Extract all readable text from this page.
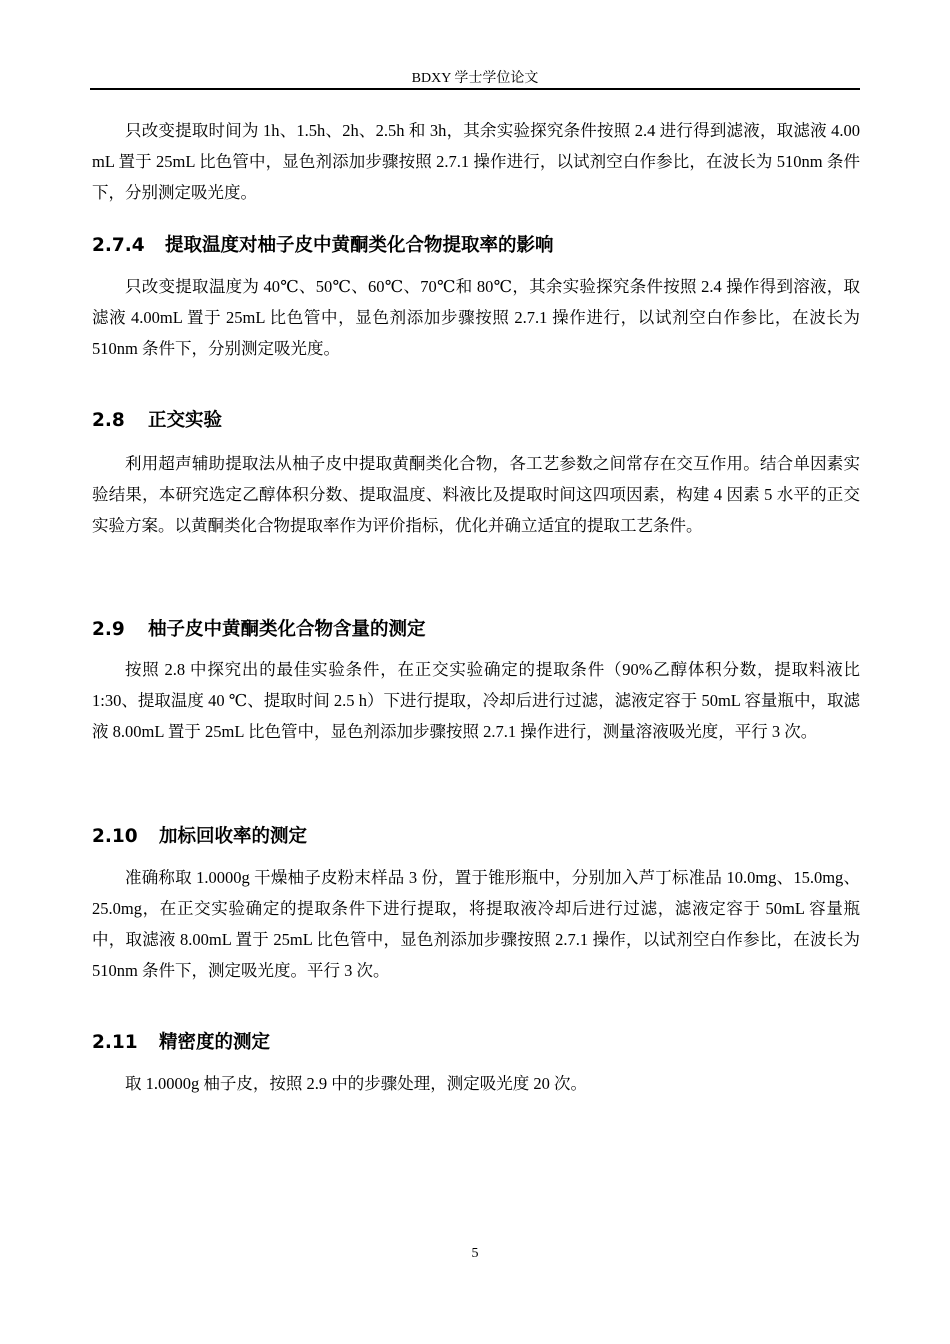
BDXY 学士学位论文

只改变提取时间为 1h、1.5h、2h、2.5h 和 3h，其余实验探究条件按照 2.4 进行得到滤液，取滤液 4.00 mL 置于 25mL 比色管中，显色剂添加步骤按照 2.7.1 操作进行，以试剂空白作参比，在波长为 510nm 条件下，分别测定吸光度。

2.7.4 提取温度对柚子皮中黄酮类化合物提取率的影响

只改变提取温度为 40℃、50℃、60℃、70℃和 80℃，其余实验探究条件按照 2.4 操作得到溶液，取滤液 4.00mL 置于 25mL 比色管中，显色剂添加步骤按照 2.7.1 操作进行，以试剂空白作参比，在波长为 510nm 条件下，分别测定吸光度。

2.8 正交实验

利用超声辅助提取法从柚子皮中提取黄酮类化合物，各工艺参数之间常存在交互作用。结合单因素实验结果，本研究选定乙醇体积分数、提取温度、料液比及提取时间这四项因素，构建 4 因素 5 水平的正交实验方案。以黄酮类化合物提取率作为评价指标，优化并确立适宜的提取工艺条件。

2.9 柚子皮中黄酮类化合物含量的测定

按照 2.8 中探究出的最佳实验条件，在正交实验确定的提取条件（90%乙醇体积分数，提取料液比 1:30、提取温度 40 ℃、提取时间 2.5 h）下进行提取，冷却后进行过滤，滤液定容于 50mL 容量瓶中，取滤液 8.00mL 置于 25mL 比色管中，显色剂添加步骤按照 2.7.1 操作进行，测量溶液吸光度，平行 3 次。

2.10 加标回收率的测定

准确称取 1.0000g 干燥柚子皮粉末样品 3 份，置于锥形瓶中，分别加入芦丁标准品 10.0mg、15.0mg、25.0mg，在正交实验确定的提取条件下进行提取，将提取液冷却后进行过滤，滤液定容于 50mL 容量瓶中，取滤液 8.00mL 置于 25mL 比色管中，显色剂添加步骤按照 2.7.1 操作，以试剂空白作参比，在波长为 510nm 条件下，测定吸光度。平行 3 次。

2.11 精密度的测定

取 1.0000g 柚子皮，按照 2.9 中的步骤处理，测定吸光度 20 次。

5
